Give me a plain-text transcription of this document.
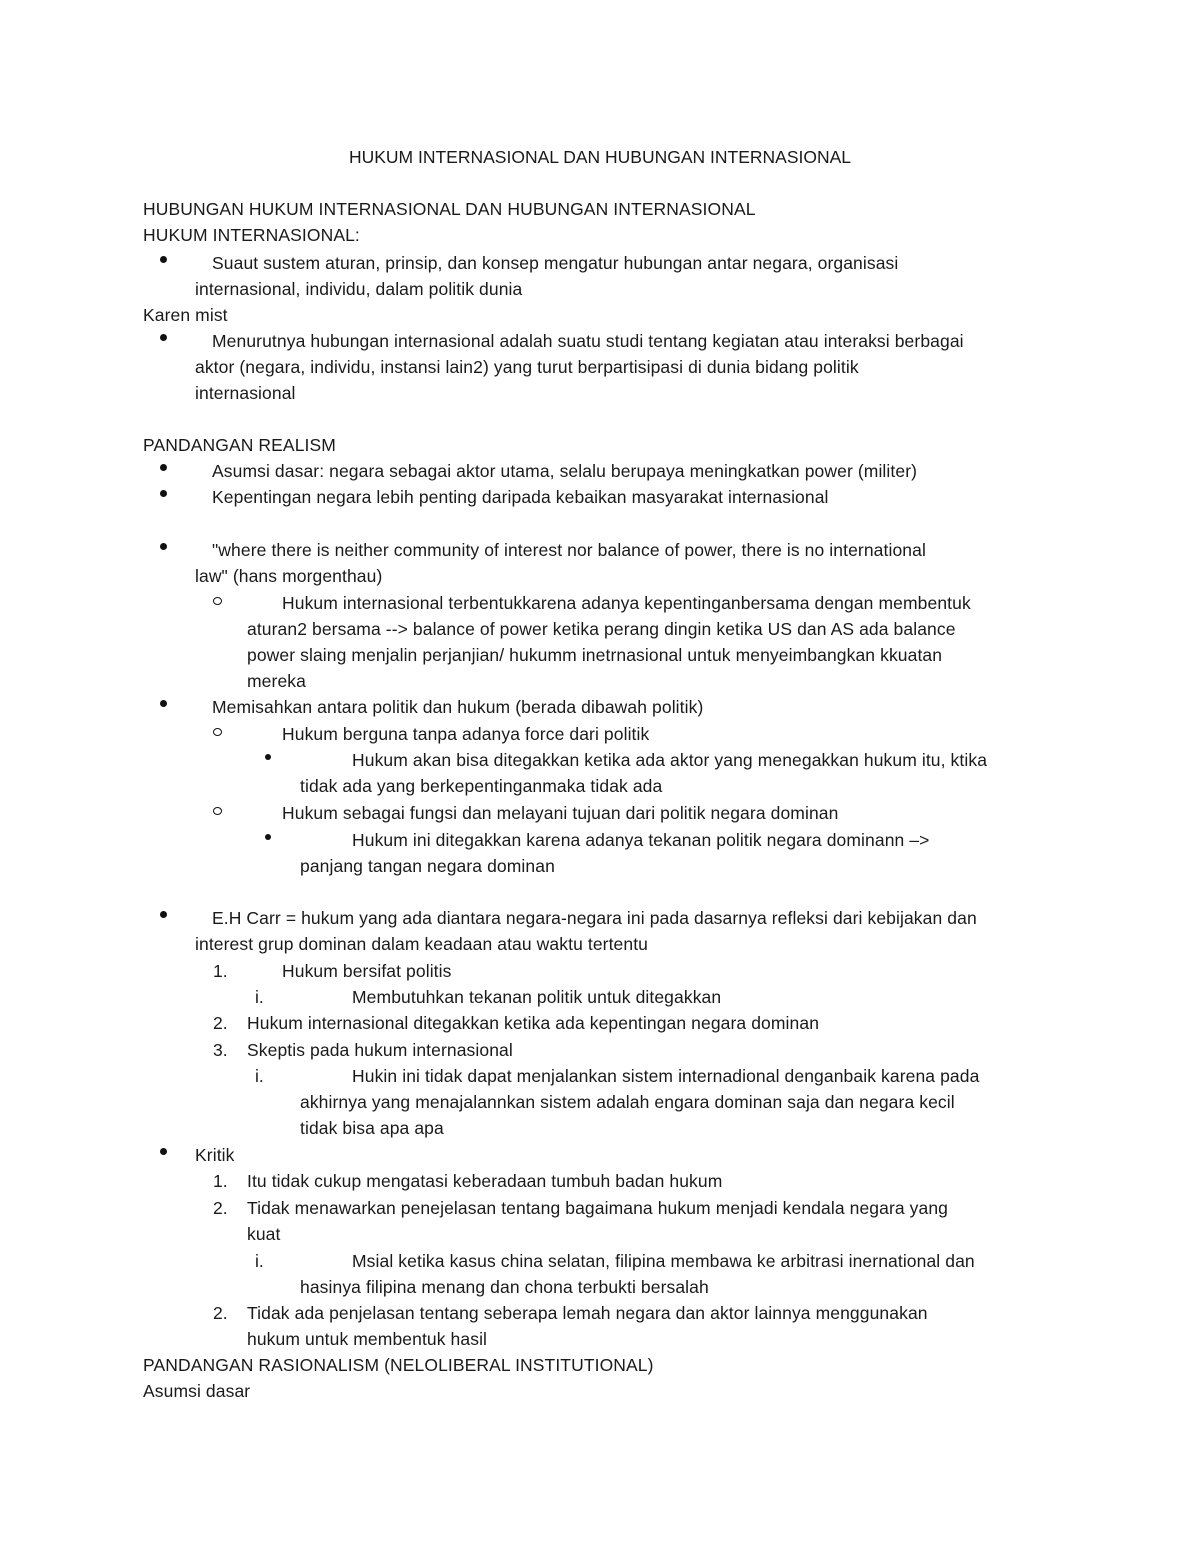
HUKUM INTERNASIONAL DAN HUBUNGAN INTERNASIONAL
HUBUNGAN HUKUM INTERNASIONAL DAN HUBUNGAN INTERNASIONAL
HUKUM INTERNASIONAL:
Suaut sustem aturan, prinsip, dan konsep mengatur hubungan antar negara, organisasi
internasional, individu, dalam politik dunia
Karen mist
Menurutnya hubungan internasional adalah suatu studi tentang kegiatan atau interaksi berbagai
aktor (negara, individu, instansi lain2) yang turut berpartisipasi di dunia bidang politik
internasional
PANDANGAN REALISM
Asumsi dasar: negara sebagai aktor utama, selalu berupaya meningkatkan power (militer)
Kepentingan negara lebih penting daripada kebaikan masyarakat internasional
"where there is neither community of interest nor balance of power, there is no international
law" (hans morgenthau)
Hukum internasional terbentukkarena adanya kepentinganbersama dengan membentuk
aturan2 bersama --> balance of power ketika perang dingin ketika US dan AS ada balance
power slaing menjalin perjanjian/ hukumm inetrnasional untuk menyeimbangkan kkuatan
mereka
Memisahkan antara politik dan hukum (berada dibawah politik)
Hukum berguna tanpa adanya force dari politik
Hukum akan bisa ditegakkan ketika ada aktor yang menegakkan hukum itu, ktika
tidak ada yang berkepentinganmaka tidak ada
Hukum sebagai fungsi dan melayani tujuan dari politik negara dominan
Hukum ini ditegakkan karena adanya tekanan politik negara dominann –>
panjang tangan negara dominan
E.H Carr = hukum yang ada diantara negara-negara ini pada dasarnya refleksi dari kebijakan dan
interest grup dominan dalam keadaan atau waktu tertentu
1.	Hukum bersifat politis
i.	Membutuhkan tekanan politik untuk ditegakkan
2. Hukum internasional ditegakkan ketika ada kepentingan negara dominan
3. Skeptis pada hukum internasional
i.	Hukin ini tidak dapat menjalankan sistem internadional denganbaik karena pada
akhirnya yang menajalannkan sistem adalah engara dominan saja dan negara kecil
tidak bisa apa apa
Kritik
1. Itu tidak cukup mengatasi keberadaan tumbuh badan hukum
2. Tidak menawarkan penejelasan tentang bagaimana hukum menjadi kendala negara yang
kuat
i.	Msial ketika kasus china selatan, filipina membawa ke arbitrasi inernational dan
hasinya filipina menang dan chona terbukti bersalah
2. Tidak ada penjelasan tentang seberapa lemah negara dan aktor lainnya menggunakan
hukum untuk membentuk hasil
PANDANGAN RASIONALISM (NELOLIBERAL INSTITUTIONAL)
Asumsi dasar
